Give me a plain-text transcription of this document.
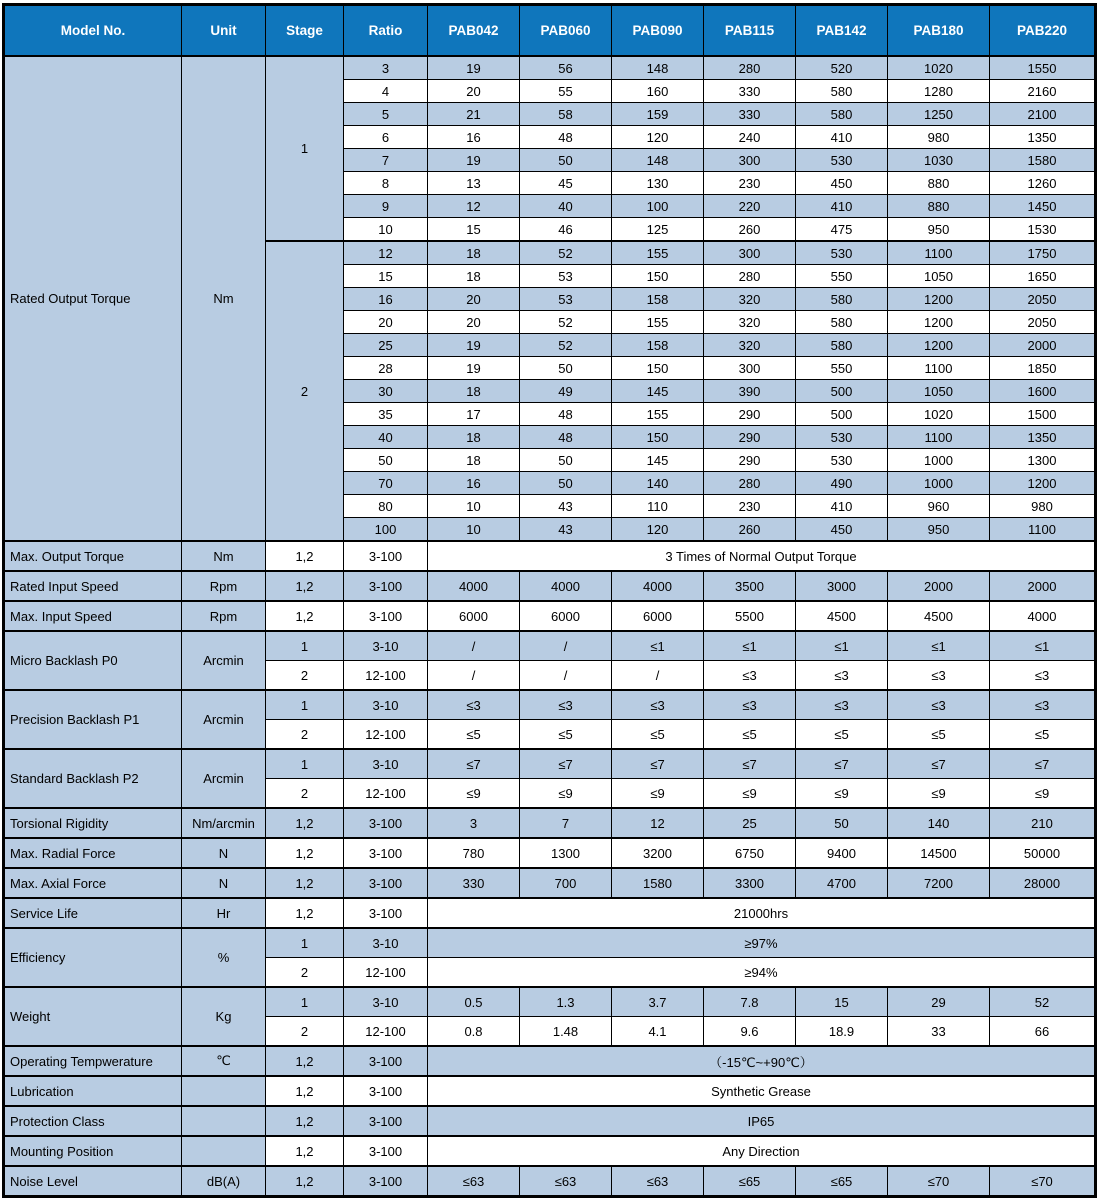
Model No.	Unit	Stage	Ratio	PAB042	PAB060	PAB090	PAB115	PAB142	PAB180	PAB220
Rated Output Torque	Nm	1	3	19	56	148	280	520	1020	1550
			4	20	55	160	330	580	1280	2160
			5	21	58	159	330	580	1250	2100
			6	16	48	120	240	410	980	1350
			7	19	50	148	300	530	1030	1580
			8	13	45	130	230	450	880	1260
			9	12	40	100	220	410	880	1450
			10	15	46	125	260	475	950	1530
		2	12	18	52	155	300	530	1100	1750
			15	18	53	150	280	550	1050	1650
			16	20	53	158	320	580	1200	2050
			20	20	52	155	320	580	1200	2050
			25	19	52	158	320	580	1200	2000
			28	19	50	150	300	550	1100	1850
			30	18	49	145	390	500	1050	1600
			35	17	48	155	290	500	1020	1500
			40	18	48	150	290	530	1100	1350
			50	18	50	145	290	530	1000	1300
			70	16	50	140	280	490	1000	1200
			80	10	43	110	230	410	960	980
			100	10	43	120	260	450	950	1100
Max. Output Torque	Nm	1,2	3-100	3 Times of Normal Output Torque						
Rated Input Speed	Rpm	1,2	3-100	4000	4000	4000	3500	3000	2000	2000
Max. Input Speed	Rpm	1,2	3-100	6000	6000	6000	5500	4500	4500	4000
Micro Backlash P0	Arcmin	1	3-10	/	/	≤1	≤1	≤1	≤1	≤1
		2	12-100	/	/	/	≤3	≤3	≤3	≤3
Precision Backlash P1	Arcmin	1	3-10	≤3	≤3	≤3	≤3	≤3	≤3	≤3
		2	12-100	≤5	≤5	≤5	≤5	≤5	≤5	≤5
Standard Backlash P2	Arcmin	1	3-10	≤7	≤7	≤7	≤7	≤7	≤7	≤7
		2	12-100	≤9	≤9	≤9	≤9	≤9	≤9	≤9
Torsional Rigidity	Nm/arcmin	1,2	3-100	3	7	12	25	50	140	210
Max. Radial Force	N	1,2	3-100	780	1300	3200	6750	9400	14500	50000
Max. Axial Force	N	1,2	3-100	330	700	1580	3300	4700	7200	28000
Service Life	Hr	1,2	3-100	21000hrs						
Efficiency	%	1	3-10	≥97%						
		2	12-100	≥94%						
Weight	Kg	1	3-10	0.5	1.3	3.7	7.8	15	29	52
		2	12-100	0.8	1.48	4.1	9.6	18.9	33	66
Operating Tempwerature	℃	1,2	3-100	（-15℃~+90℃）						
Lubrication		1,2	3-100	Synthetic Grease						
Protection Class		1,2	3-100	IP65						
Mounting Position		1,2	3-100	Any Direction						
Noise Level	dB(A)	1,2	3-100	≤63	≤63	≤63	≤65	≤65	≤70	≤70
